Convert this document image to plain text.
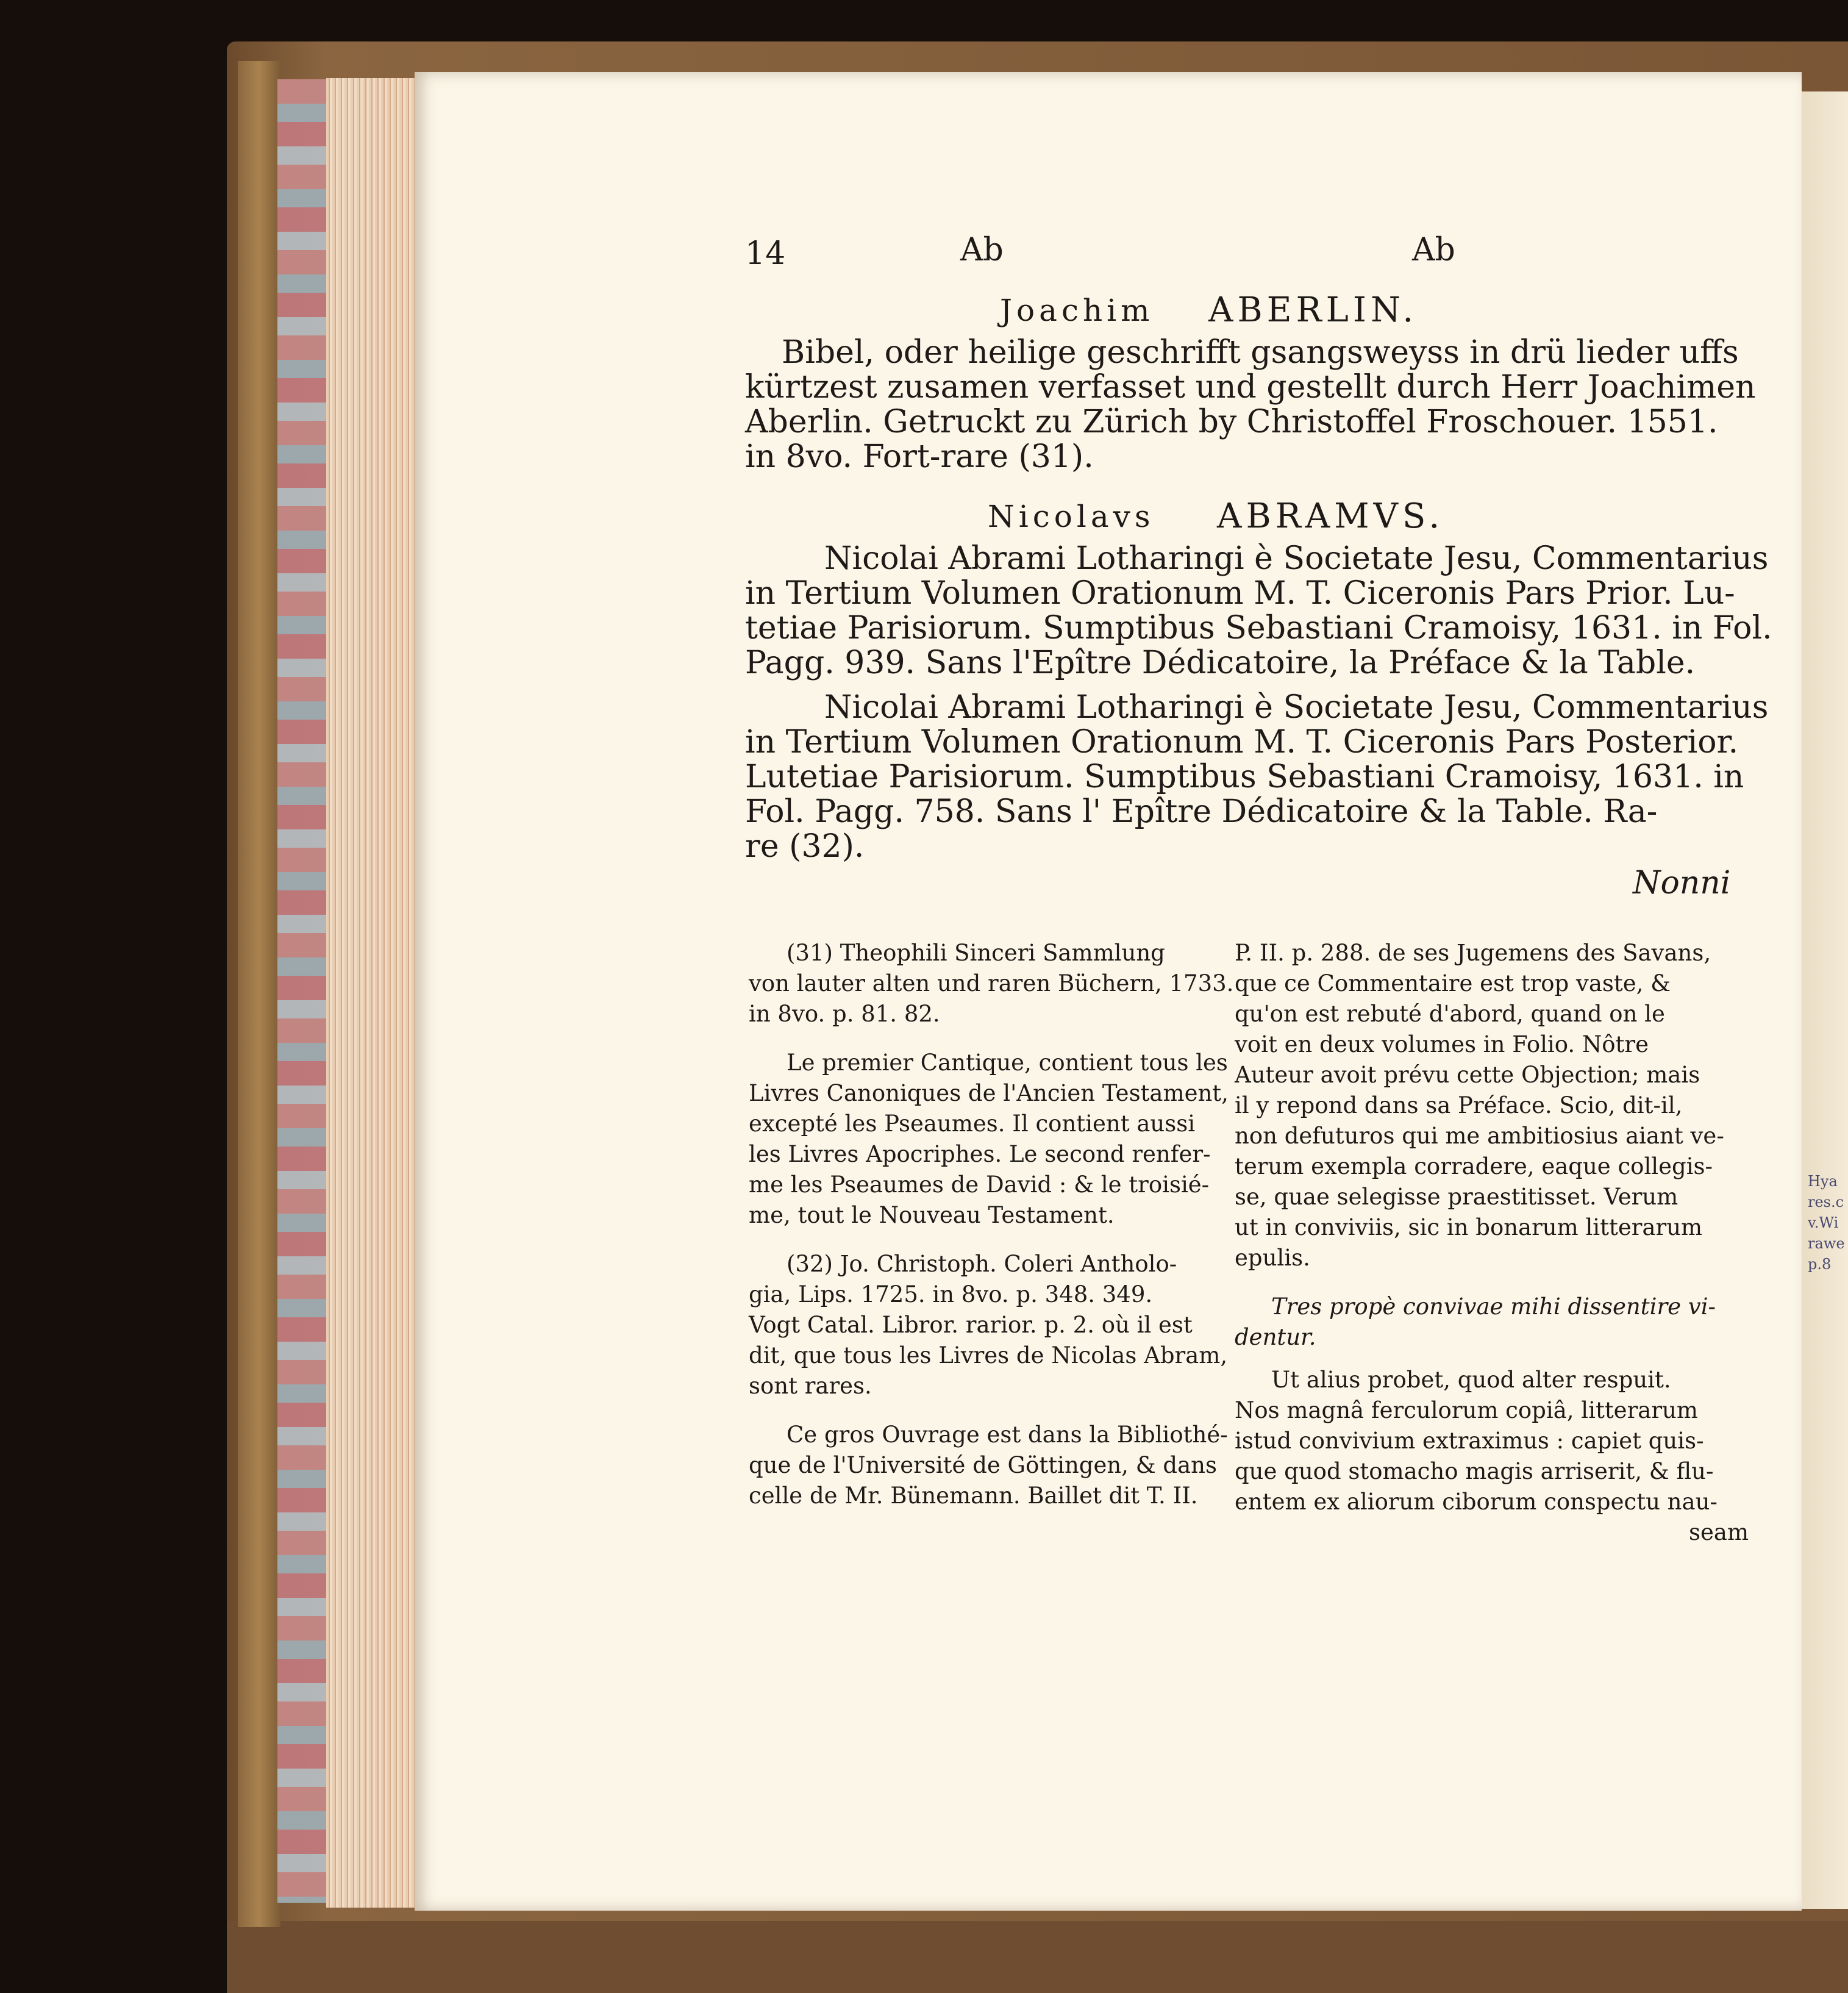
Hya
res.c
v.Wi
rawe
p.8
14	Ab	Ab
Joachim ABERLIN.
Bibel, oder heilige geschrifft gsangsweyss in drü lieder uffs
kürtzest zusamen verfasset und gestellt durch Herr Joachimen
Aberlin. Getruckt zu Zürich by Christoffel Froschouer. 1551.
in 8vo. Fort-rare (31).
Nicolavs ABRAMVS.
Nicolai Abrami Lotharingi è Societate Jesu, Commentarius
in Tertium Volumen Orationum M. T. Ciceronis Pars Prior. Lu-
tetiae Parisiorum. Sumptibus Sebastiani Cramoisy, 1631. in Fol.
Pagg. 939. Sans l'Epître Dédicatoire, la Préface & la Table.
Nicolai Abrami Lotharingi è Societate Jesu, Commentarius
in Tertium Volumen Orationum M. T. Ciceronis Pars Posterior.
Lutetiae Parisiorum. Sumptibus Sebastiani Cramoisy, 1631. in
Fol. Pagg. 758. Sans l' Epître Dédicatoire & la Table. Ra-
re (32).
Nonni
(31) Theophili Sinceri Sammlung
von lauter alten und raren Büchern, 1733.
in 8vo. p. 81. 82.
Le premier Cantique, contient tous les
Livres Canoniques de l'Ancien Testament,
excepté les Pseaumes. Il contient aussi
les Livres Apocriphes. Le second renfer-
me les Pseaumes de David : & le troisié-
me, tout le Nouveau Testament.
(32) Jo. Christoph. Coleri Antholo-
gia, Lips. 1725. in 8vo. p. 348. 349.
Vogt Catal. Libror. rarior. p. 2. où il est
dit, que tous les Livres de Nicolas Abram,
sont rares.
Ce gros Ouvrage est dans la Bibliothé-
que de l'Université de Göttingen, & dans
celle de Mr. Bünemann. Baillet dit T. II.
P. II. p. 288. de ses Jugemens des Savans,
que ce Commentaire est trop vaste, &
qu'on est rebuté d'abord, quand on le
voit en deux volumes in Folio. Nôtre
Auteur avoit prévu cette Objection; mais
il y repond dans sa Préface. Scio, dit-il,
non defuturos qui me ambitiosius aiant ve-
terum exempla corradere, eaque collegis-
se, quae selegisse praestitisset. Verum
ut in conviviis, sic in bonarum litterarum
epulis.
Tres propè convivae mihi dissentire vi-
dentur.
Ut alius probet, quod alter respuit.
Nos magnâ ferculorum copiâ, litterarum
istud convivium extraximus : capiet quis-
que quod stomacho magis arriserit, & flu-
entem ex aliorum ciborum conspectu nau-
seam
